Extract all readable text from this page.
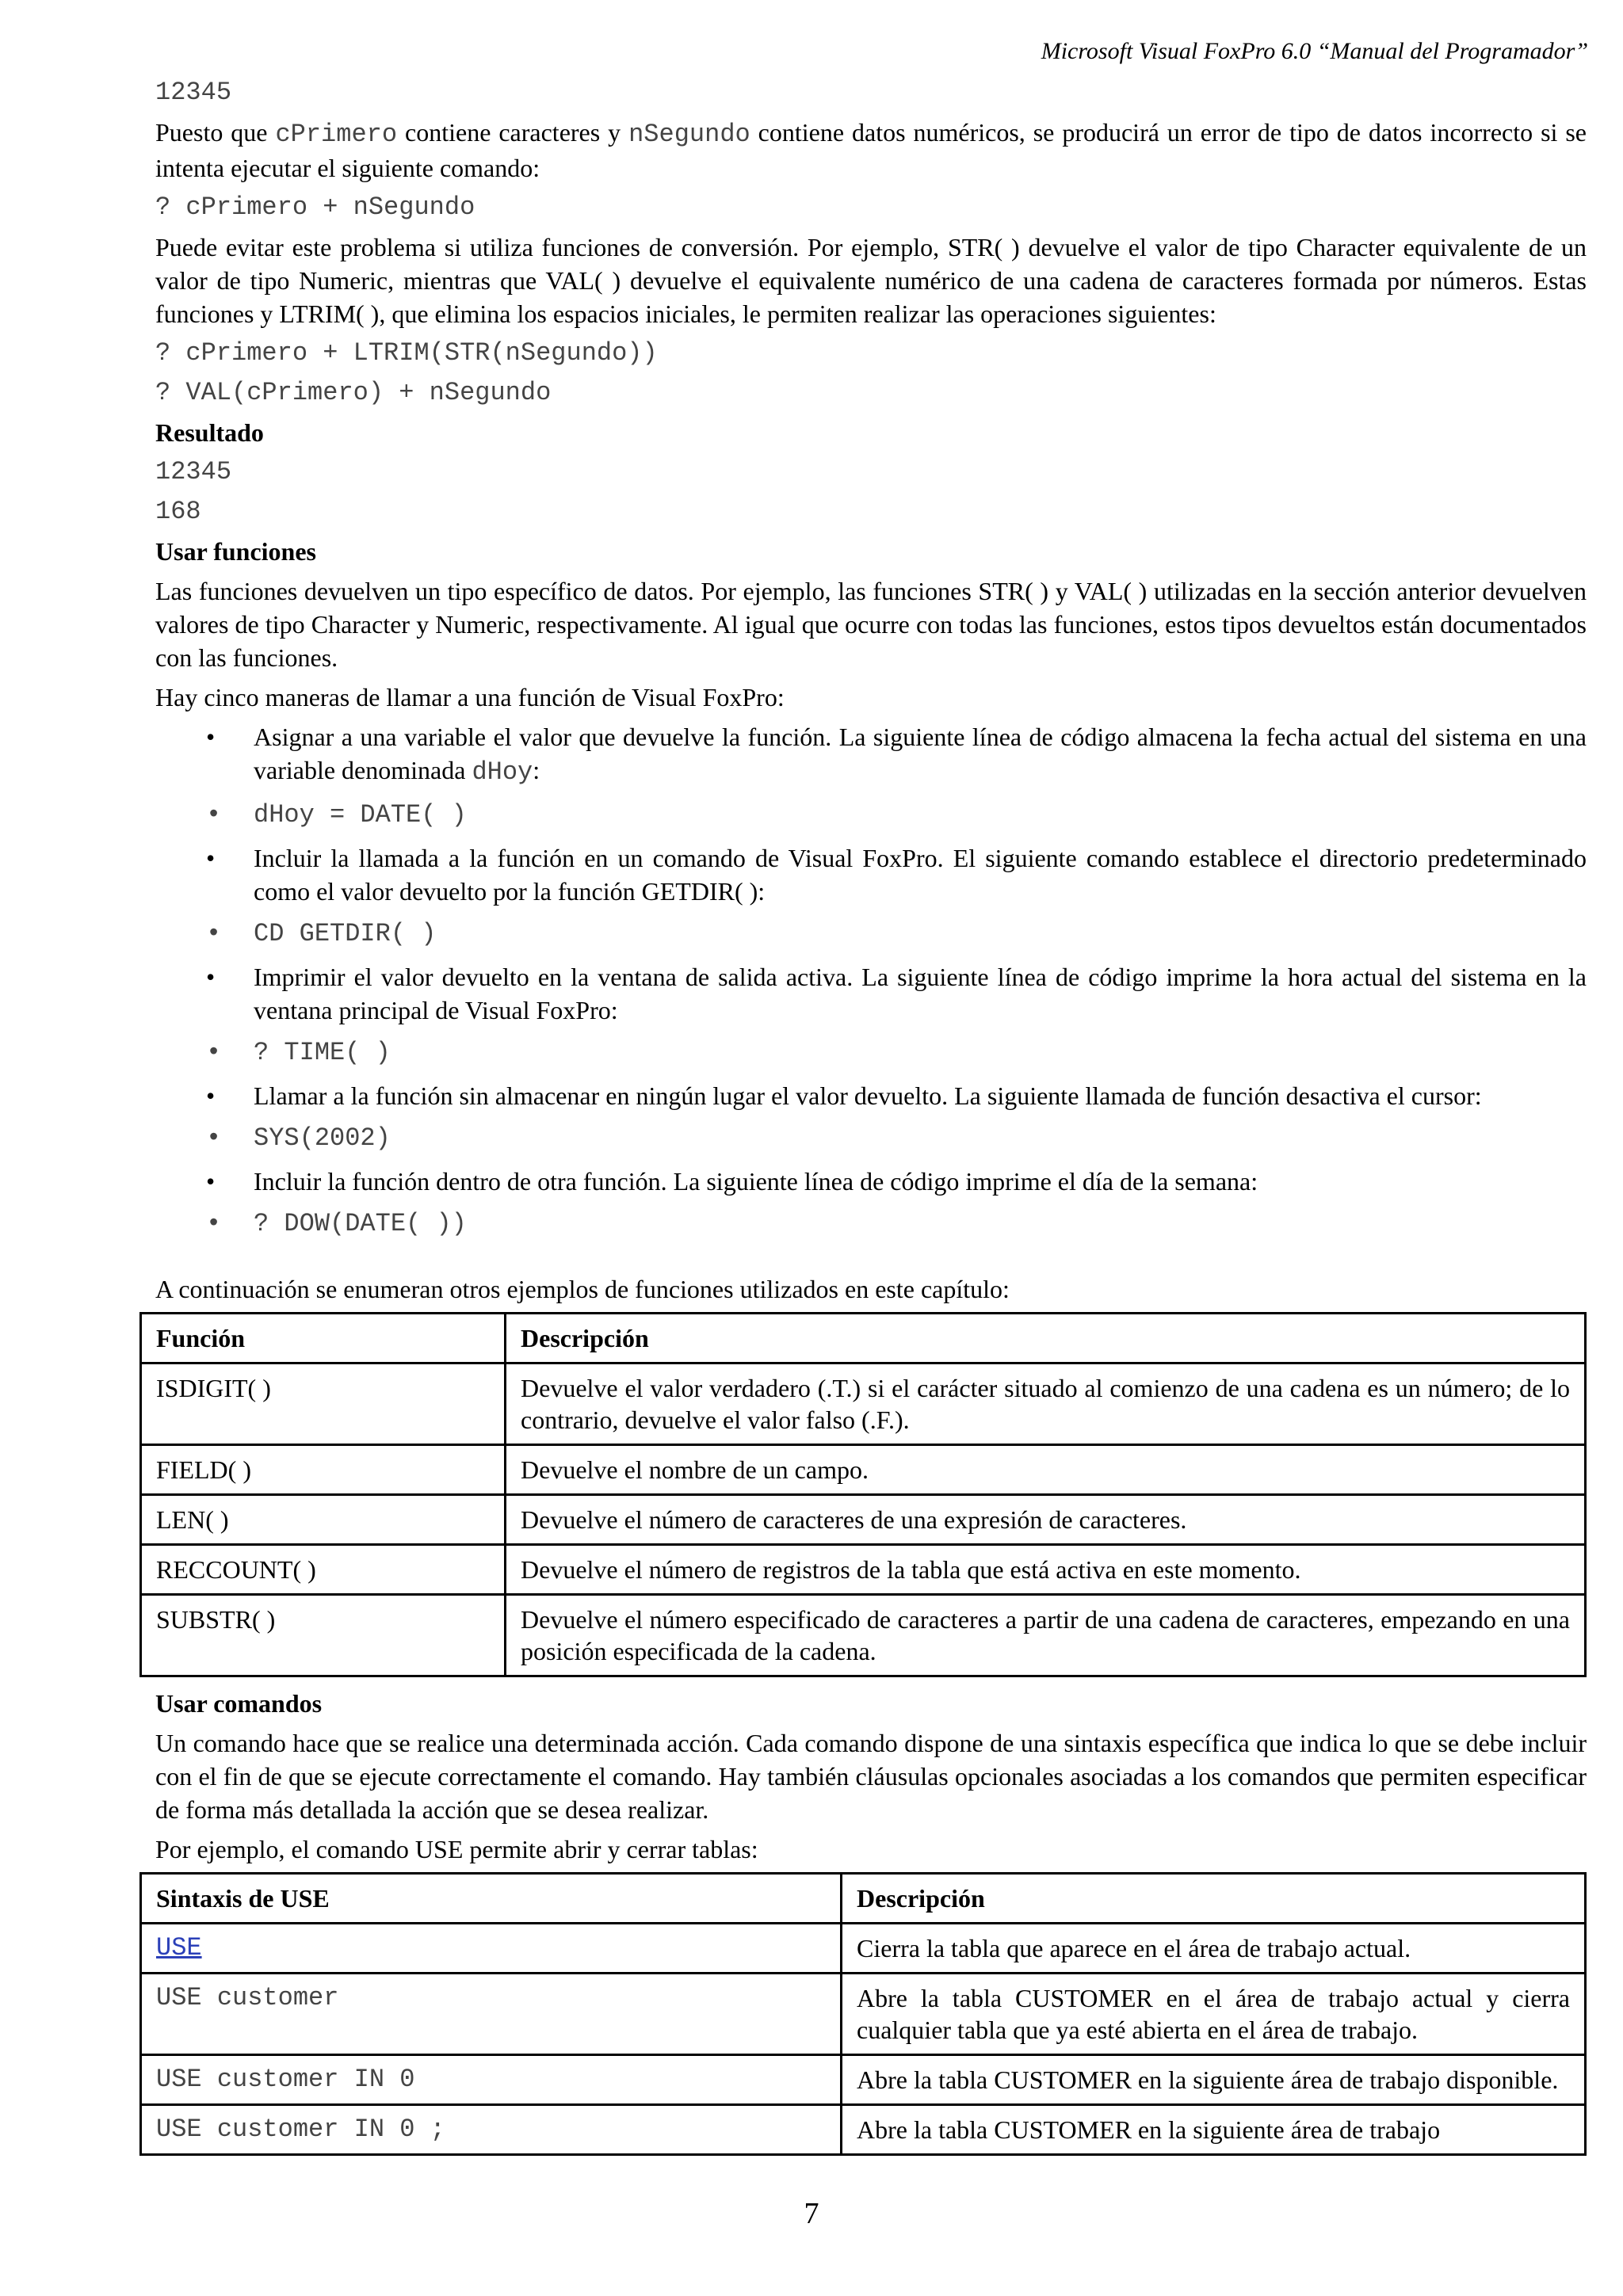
Microsoft Visual FoxPro 6.0 “Manual del Programador”
12345

Puesto que cPrimero contiene caracteres y nSegundo contiene datos numéricos, se producirá un error de tipo de datos incorrecto si se intenta ejecutar el siguiente comando:

? cPrimero + nSegundo

Puede evitar este problema si utiliza funciones de conversión. Por ejemplo, STR( ) devuelve el valor de tipo Character equivalente de un valor de tipo Numeric, mientras que VAL( ) devuelve el equivalente numérico de una cadena de caracteres formada por números. Estas funciones y LTRIM( ), que elimina los espacios iniciales, le permiten realizar las operaciones siguientes:

? cPrimero + LTRIM(STR(nSegundo))
? VAL(cPrimero) + nSegundo
Resultado
12345
168
Usar funciones

Las funciones devuelven un tipo específico de datos. Por ejemplo, las funciones STR( ) y VAL( ) utilizadas en la sección anterior devuelven valores de tipo Character y Numeric, respectivamente. Al igual que ocurre con todas las funciones, estos tipos devueltos están documentados con las funciones.

Hay cinco maneras de llamar a una función de Visual FoxPro:

• Asignar a una variable el valor que devuelve la función. La siguiente línea de código almacena la fecha actual del sistema en una variable denominada dHoy:
• dHoy = DATE( )
• Incluir la llamada a la función en un comando de Visual FoxPro. El siguiente comando establece el directorio predeterminado como el valor devuelto por la función GETDIR( ):
• CD GETDIR( )
• Imprimir el valor devuelto en la ventana de salida activa. La siguiente línea de código imprime la hora actual del sistema en la ventana principal de Visual FoxPro:
• ? TIME( )
• Llamar a la función sin almacenar en ningún lugar el valor devuelto. La siguiente llamada de función desactiva el cursor:
• SYS(2002)
• Incluir la función dentro de otra función. La siguiente línea de código imprime el día de la semana:
• ? DOW(DATE( ))

A continuación se enumeran otros ejemplos de funciones utilizados en este capítulo:

Función	Descripción
ISDIGIT( )	Devuelve el valor verdadero (.T.) si el carácter situado al comienzo de una cadena es un número; de lo contrario, devuelve el valor falso (.F.).
FIELD( )	Devuelve el nombre de un campo.
LEN( )	Devuelve el número de caracteres de una expresión de caracteres.
RECCOUNT( )	Devuelve el número de registros de la tabla que está activa en este momento.
SUBSTR( )	Devuelve el número especificado de caracteres a partir de una cadena de caracteres, empezando en una posición especificada de la cadena.
Usar comandos

Un comando hace que se realice una determinada acción. Cada comando dispone de una sintaxis específica que indica lo que se debe incluir con el fin de que se ejecute correctamente el comando. Hay también cláusulas opcionales asociadas a los comandos que permiten especificar de forma más detallada la acción que se desea realizar.

Por ejemplo, el comando USE permite abrir y cerrar tablas:

Sintaxis de USE	Descripción
USE	Cierra la tabla que aparece en el área de trabajo actual.
USE customer	Abre la tabla CUSTOMER en el área de trabajo actual y cierra cualquier tabla que ya esté abierta en el área de trabajo.
USE customer IN 0	Abre la tabla CUSTOMER en la siguiente área de trabajo disponible.
USE customer IN 0 ;	Abre la tabla CUSTOMER en la siguiente área de trabajo
7
